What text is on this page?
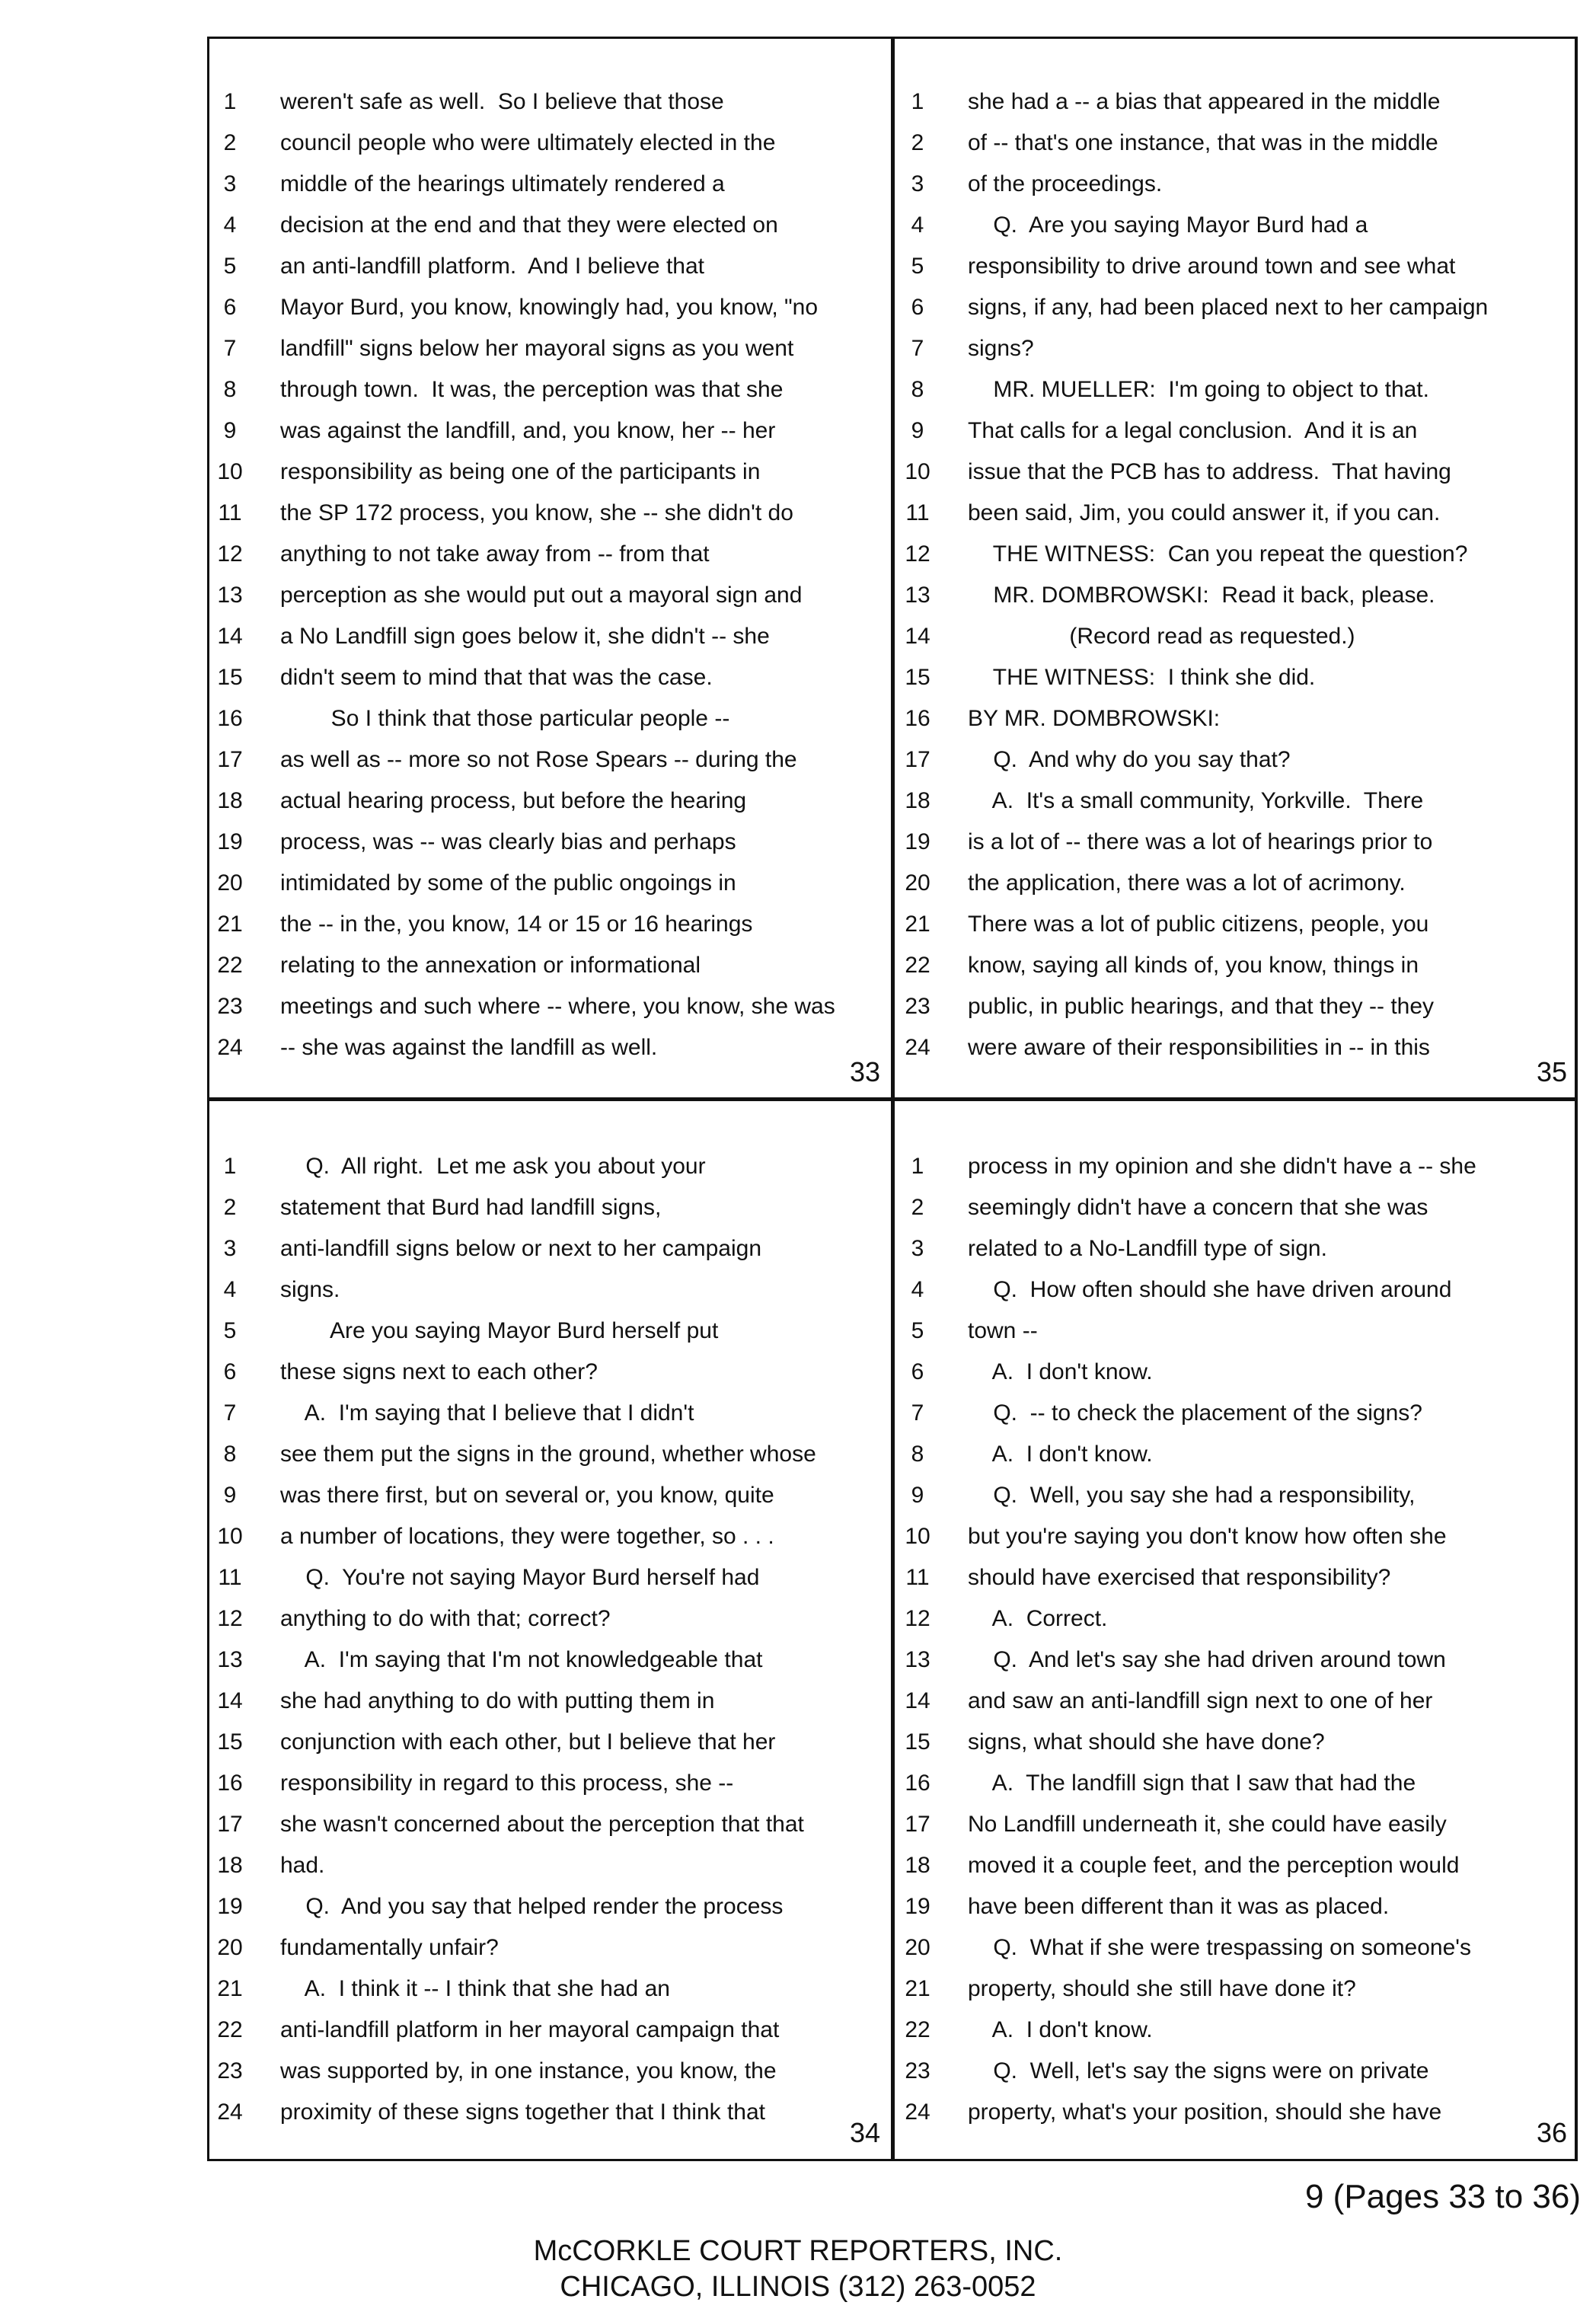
1	weren't safe as well.  So I believe that those
2	council people who were ultimately elected in the
3	middle of the hearings ultimately rendered a
4	decision at the end and that they were elected on
5	an anti-landfill platform.  And I believe that
6	Mayor Burd, you know, knowingly had, you know, "no
7	landfill" signs below her mayoral signs as you went
8	through town.  It was, the perception was that she
9	was against the landfill, and, you know, her -- her
10	responsibility as being one of the participants in
11	the SP 172 process, you know, she -- she didn't do
12	anything to not take away from -- from that
13	perception as she would put out a mayoral sign and
14	a No Landfill sign goes below it, she didn't -- she
15	didn't seem to mind that that was the case.
16	So I think that those particular people --
17	as well as -- more so not Rose Spears -- during the
18	actual hearing process, but before the hearing
19	process, was -- was clearly bias and perhaps
20	intimidated by some of the public ongoings in
21	the -- in the, you know, 14 or 15 or 16 hearings
22	relating to the annexation or informational
23	meetings and such where -- where, you know, she was
24	-- she was against the landfill as well.
33
1	she had a -- a bias that appeared in the middle
2	of -- that's one instance, that was in the middle
3	of the proceedings.
4	Q.  Are you saying Mayor Burd had a
5	responsibility to drive around town and see what
6	signs, if any, had been placed next to her campaign
7	signs?
8	MR. MUELLER:  I'm going to object to that.
9	That calls for a legal conclusion.  And it is an
10	issue that the PCB has to address.  That having
11	been said, Jim, you could answer it, if you can.
12	THE WITNESS:  Can you repeat the question?
13	MR. DOMBROWSKI:  Read it back, please.
14	(Record read as requested.)
15	THE WITNESS:  I think she did.
16	BY MR. DOMBROWSKI:
17	Q.  And why do you say that?
18	A.  It's a small community, Yorkville.  There
19	is a lot of -- there was a lot of hearings prior to
20	the application, there was a lot of acrimony.
21	There was a lot of public citizens, people, you
22	know, saying all kinds of, you know, things in
23	public, in public hearings, and that they -- they
24	were aware of their responsibilities in -- in this
35
1	Q.  All right.  Let me ask you about your
2	statement that Burd had landfill signs,
3	anti-landfill signs below or next to her campaign
4	signs.
5	Are you saying Mayor Burd herself put
6	these signs next to each other?
7	A.  I'm saying that I believe that I didn't
8	see them put the signs in the ground, whether whose
9	was there first, but on several or, you know, quite
10	a number of locations, they were together, so . . .
11	Q.  You're not saying Mayor Burd herself had
12	anything to do with that; correct?
13	A.  I'm saying that I'm not knowledgeable that
14	she had anything to do with putting them in
15	conjunction with each other, but I believe that her
16	responsibility in regard to this process, she --
17	she wasn't concerned about the perception that that
18	had.
19	Q.  And you say that helped render the process
20	fundamentally unfair?
21	A.  I think it -- I think that she had an
22	anti-landfill platform in her mayoral campaign that
23	was supported by, in one instance, you know, the
24	proximity of these signs together that I think that
34
1	process in my opinion and she didn't have a -- she
2	seemingly didn't have a concern that she was
3	related to a No-Landfill type of sign.
4	Q.  How often should she have driven around
5	town --
6	A.  I don't know.
7	Q.  -- to check the placement of the signs?
8	A.  I don't know.
9	Q.  Well, you say she had a responsibility,
10	but you're saying you don't know how often she
11	should have exercised that responsibility?
12	A.  Correct.
13	Q.  And let's say she had driven around town
14	and saw an anti-landfill sign next to one of her
15	signs, what should she have done?
16	A.  The landfill sign that I saw that had the
17	No Landfill underneath it, she could have easily
18	moved it a couple feet, and the perception would
19	have been different than it was as placed.
20	Q.  What if she were trespassing on someone's
21	property, should she still have done it?
22	A.  I don't know.
23	Q.  Well, let's say the signs were on private
24	property, what's your position, should she have
36
9 (Pages 33 to 36)
McCORKLE COURT REPORTERS, INC.
CHICAGO, ILLINOIS (312) 263-0052
